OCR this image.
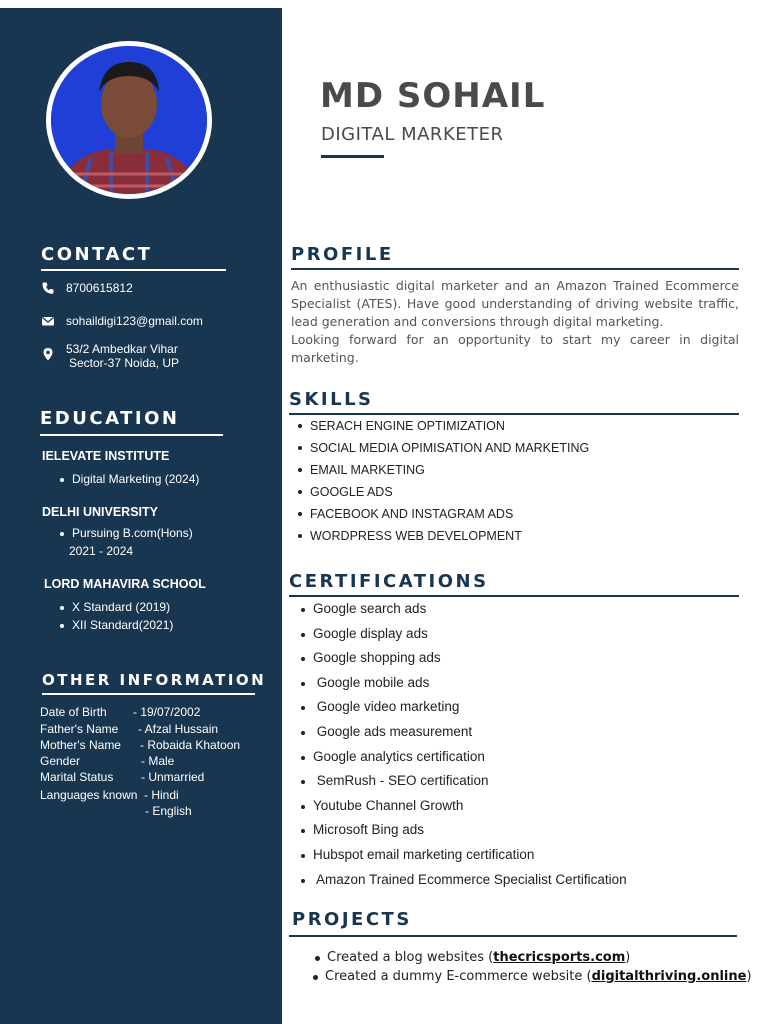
CONTACT
8700615812
sohaildigi123@gmail.com
53/2 Ambedkar Vihar
Sector-37 Noida, UP
EDUCATION
IELEVATE INSTITUTE
Digital Marketing (2024)
DELHI UNIVERSITY
Pursuing B.com(Hons)
2021 - 2024
LORD MAHAVIRA SCHOOL
X Standard (2019)
XII Standard(2021)
OTHER INFORMATION
Date of Birth - 19/07/2002
Father's Name - Afzal Hussain
Mother's Name - Robaida Khatoon
Gender	- Male
Marital Status - Unmarried
Languages known - Hindi
- English
MD SOHAIL
DIGITAL MARKETER
PROFILE
An enthusiastic digital marketer and an Amazon Trained Ecommerce Specialist (ATES). Have good understanding of driving website traffic, lead generation and conversions through digital marketing.
Looking forward for an opportunity to start my career in digital marketing.
SKILLS
SERACH ENGINE OPTIMIZATION
SOCIAL MEDIA OPIMISATION AND MARKETING
EMAIL MARKETING
GOOGLE ADS
FACEBOOK AND INSTAGRAM ADS
WORDPRESS WEB DEVELOPMENT
CERTIFICATIONS
Google search ads
Google display ads
Google shopping ads
Google mobile ads
Google video marketing
Google ads measurement
Google analytics certification
SemRush - SEO certification
Youtube Channel Growth
Microsoft Bing ads
Hubspot email marketing certification
Amazon Trained Ecommerce Specialist Certification
PROJECTS
Created a blog websites (thecricsports.com)
Created a dummy E-commerce website (digitalthriving.online)
